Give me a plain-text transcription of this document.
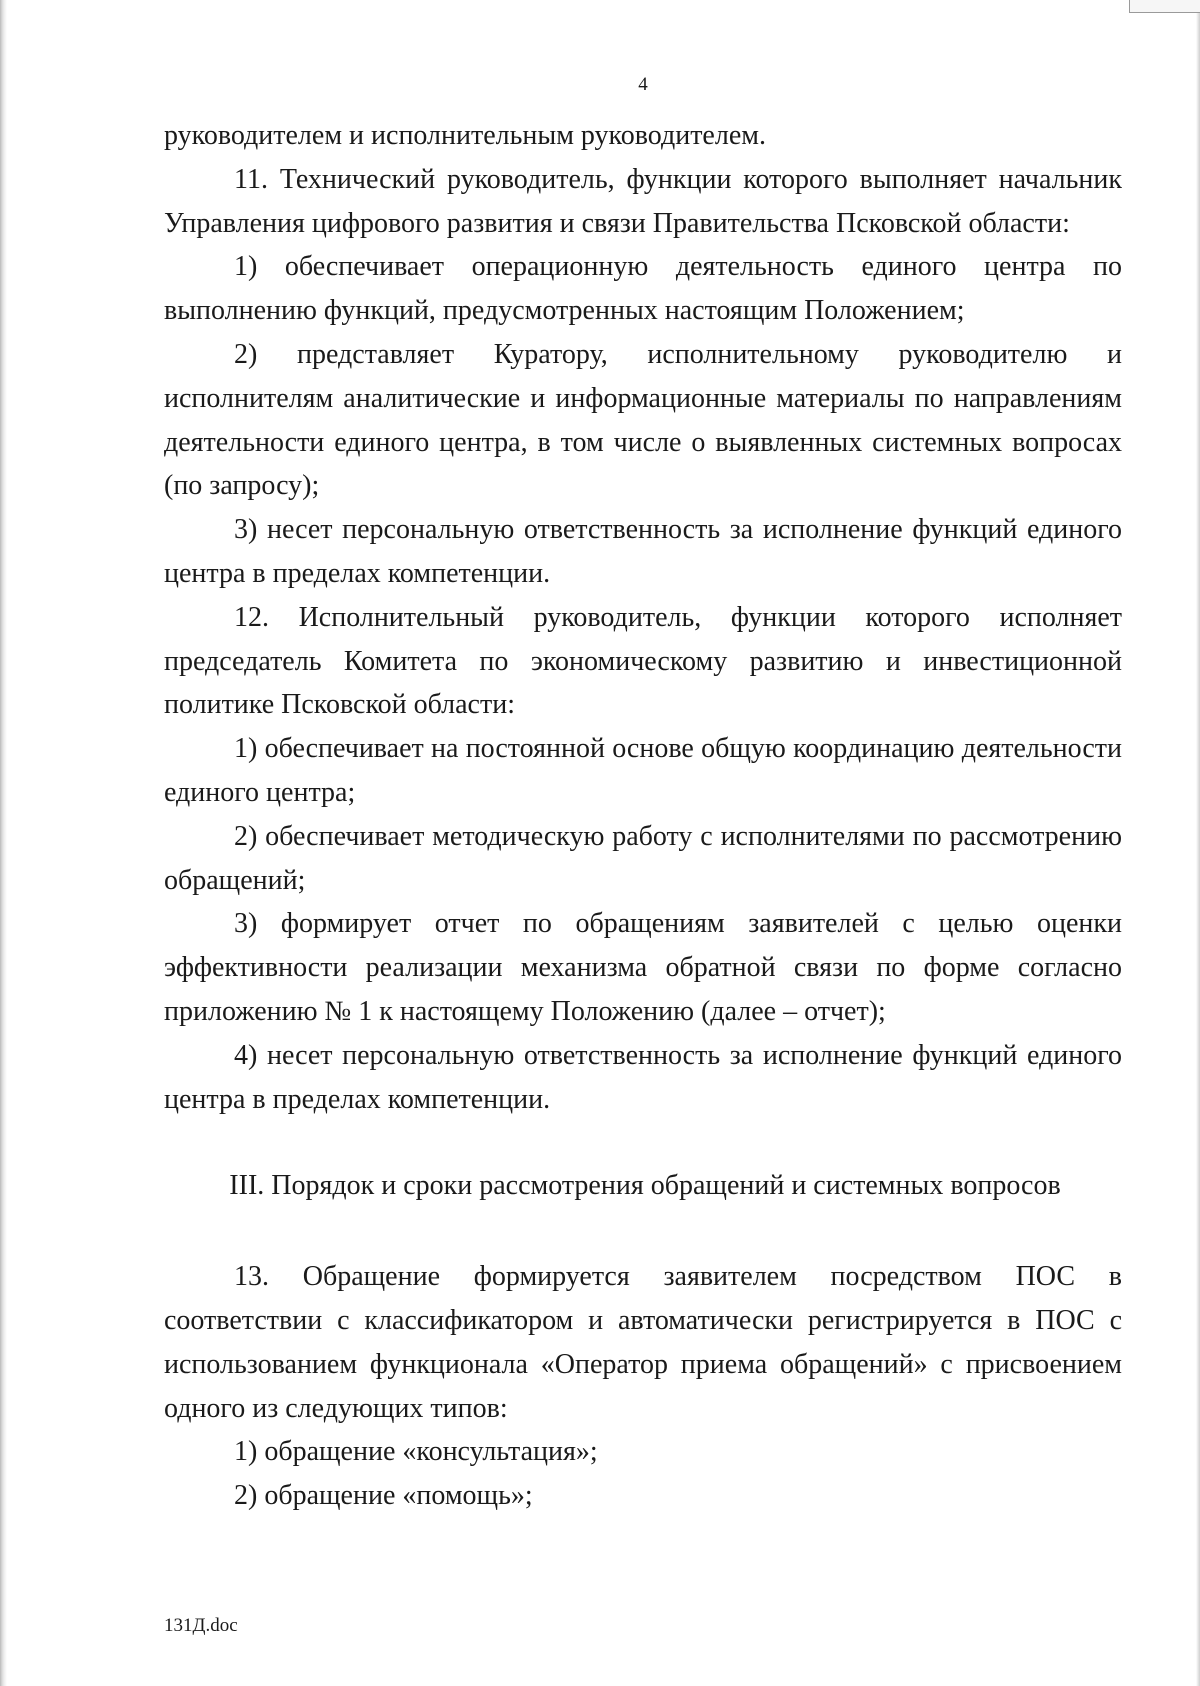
4

руководителем и исполнительным руководителем.

11. Технический руководитель, функции которого выполняет начальник Управления цифрового развития и связи Правительства Псковской области:

1) обеспечивает операционную деятельность единого центра по выполнению функций, предусмотренных настоящим Положением;

2) представляет Куратору, исполнительному руководителю и исполнителям аналитические и информационные материалы по направлениям деятельности единого центра, в том числе о выявленных системных вопросах (по запросу);

3) несет персональную ответственность за исполнение функций единого центра в пределах компетенции.

12. Исполнительный руководитель, функции которого исполняет председатель Комитета по экономическому развитию и инвестиционной политике Псковской области:

1) обеспечивает на постоянной основе общую координацию деятельности единого центра;

2) обеспечивает методическую работу с исполнителями по рассмотрению обращений;

3) формирует отчет по обращениям заявителей с целью оценки эффективности реализации механизма обратной связи по форме согласно приложению № 1 к настоящему Положению (далее – отчет);

4) несет персональную ответственность за исполнение функций единого центра в пределах компетенции.

III. Порядок и сроки рассмотрения обращений и системных вопросов

13. Обращение формируется заявителем посредством ПОС в соответствии с классификатором и автоматически регистрируется в ПОС с использованием функционала «Оператор приема обращений» с присвоением одного из следующих типов:

1) обращение «консультация»;

2) обращение «помощь»;

131Д.doc
